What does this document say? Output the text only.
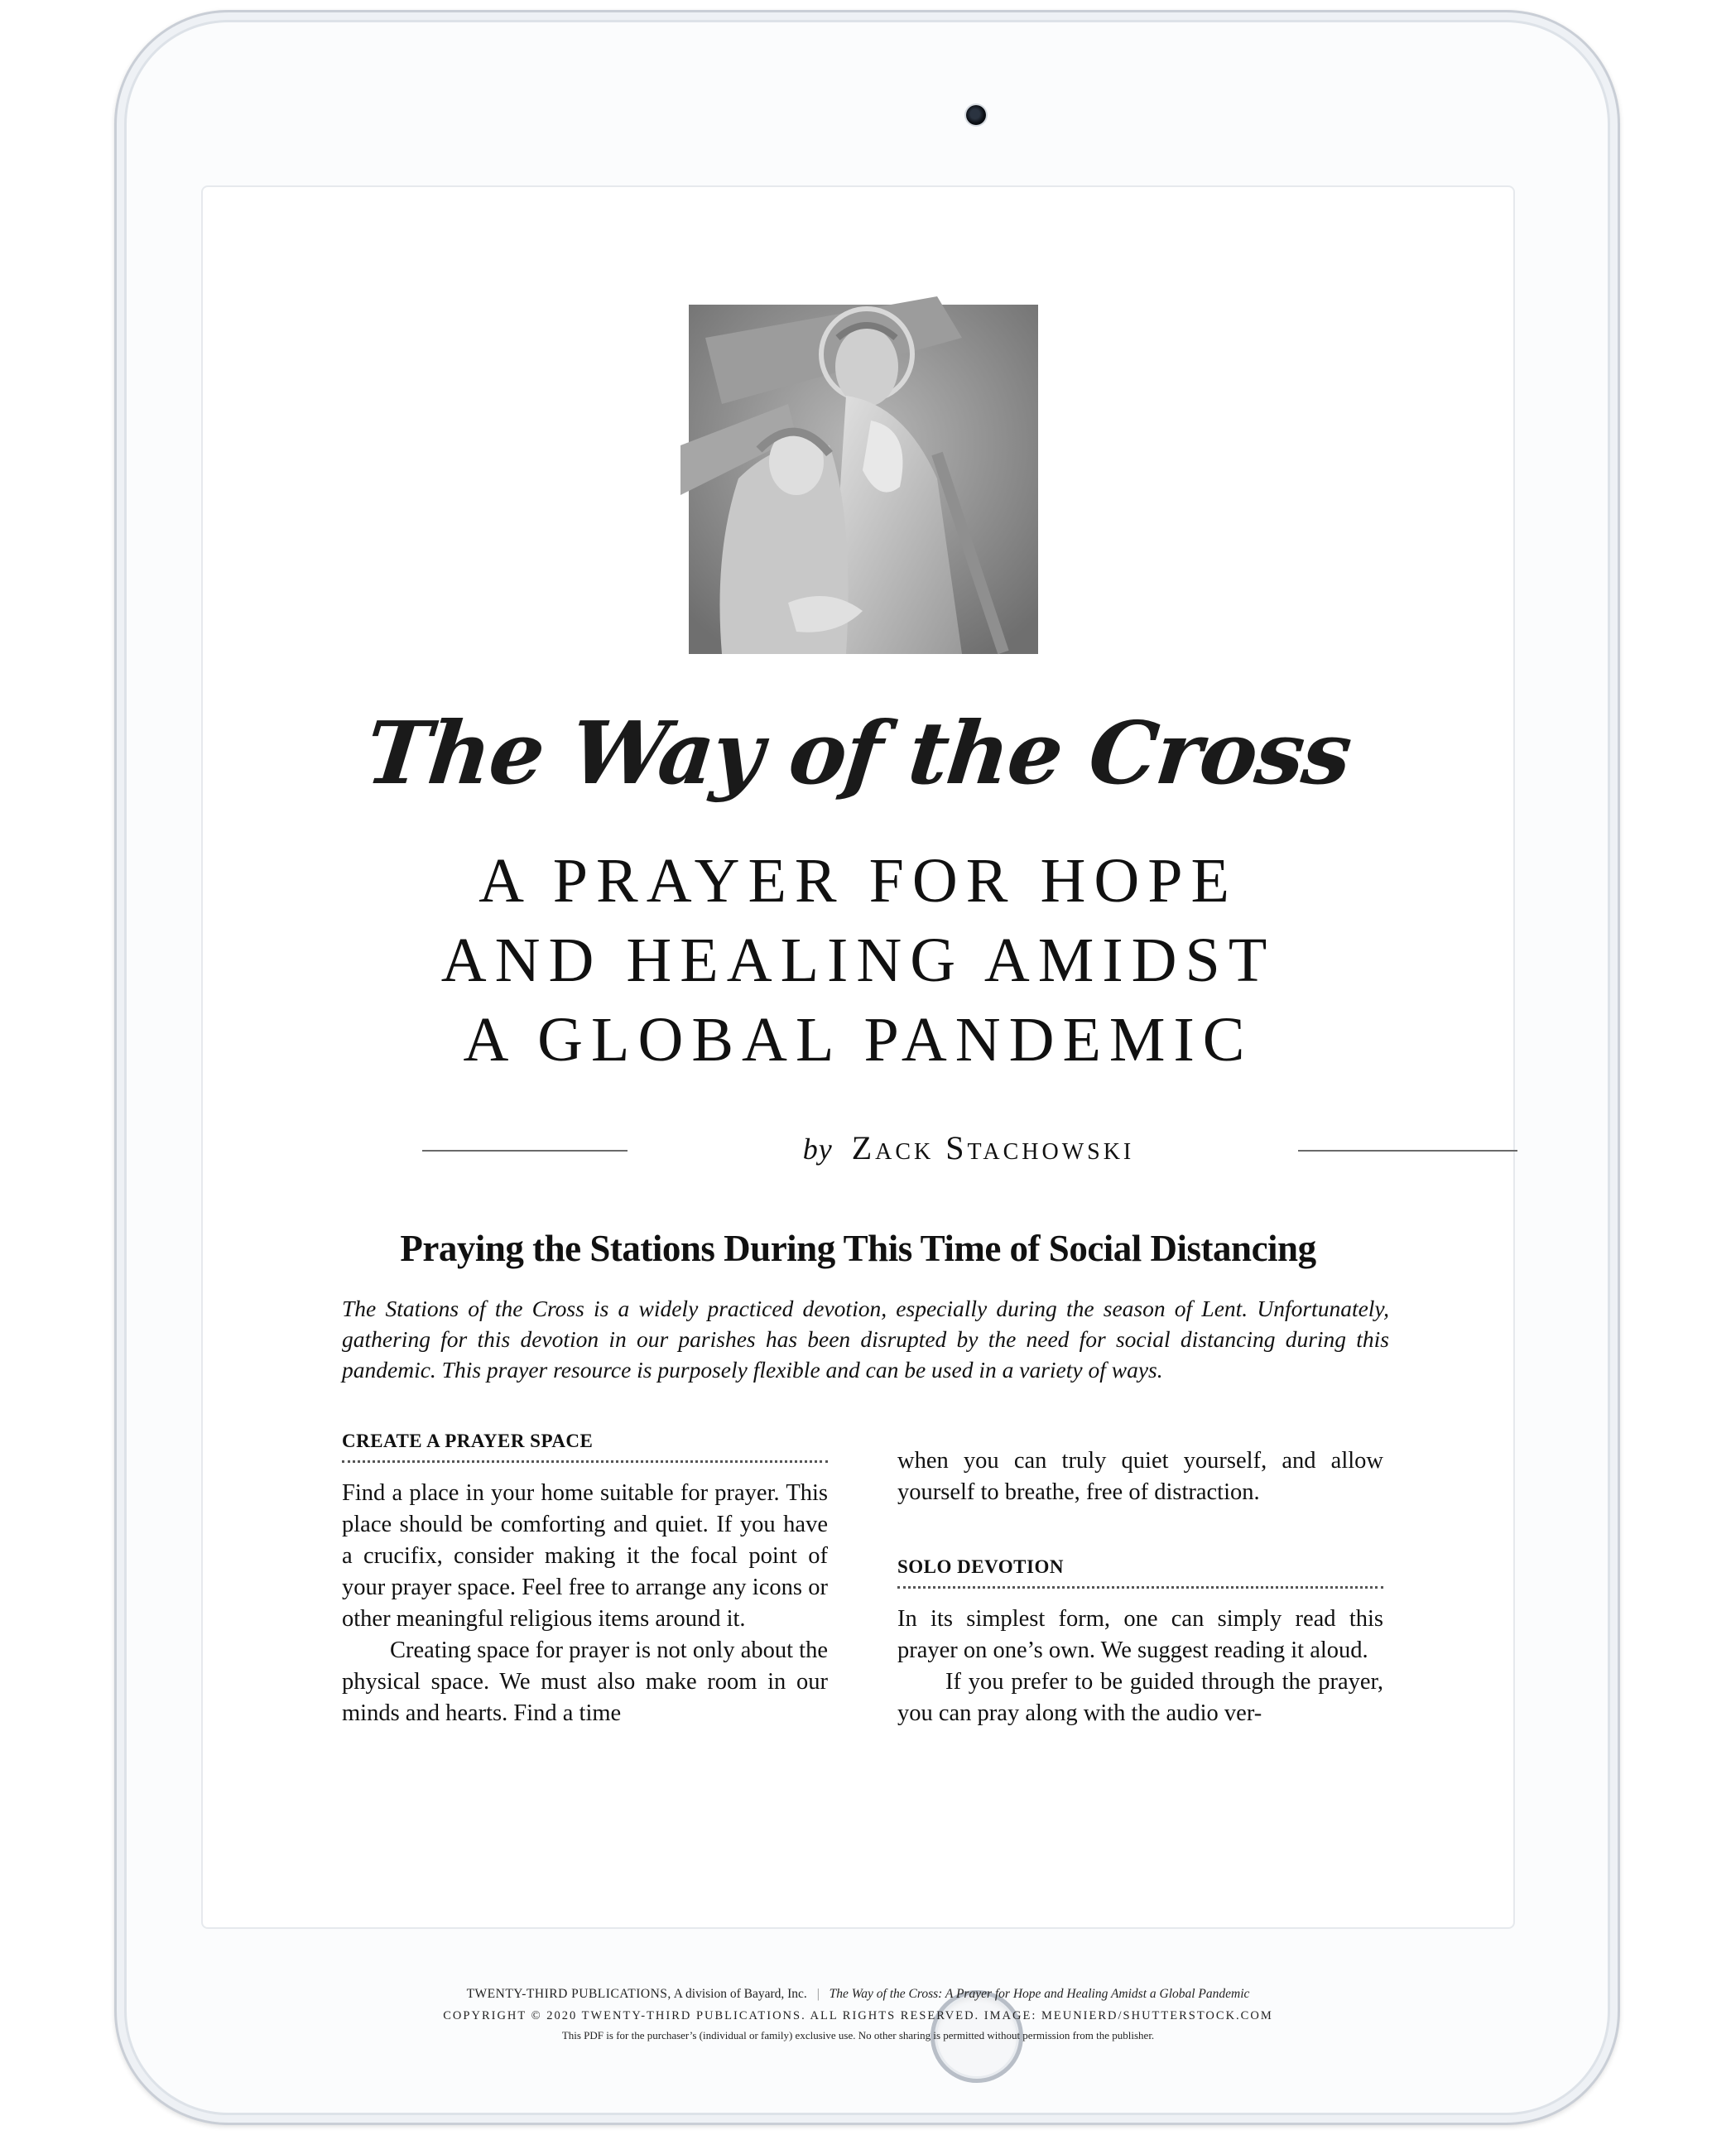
The Way of the Cross
A PRAYER FOR HOPE
AND HEALING AMIDST
A GLOBAL PANDEMIC
by Zack Stachowski
Praying the Stations During This Time of Social Distancing
The Stations of the Cross is a widely practiced devotion, especially during the season of Lent. Unfortunately, gathering for this devotion in our parishes has been disrupted by the need for social distancing during this pandemic. This prayer resource is purposely flexible and can be used in a variety of ways.
CREATE A PRAYER SPACE

Find a place in your home suitable for prayer. This place should be comforting and quiet. If you have a crucifix, consider making it the focal point of your prayer space. Feel free to arrange any icons or other meaningful religious items around it.

Creating space for prayer is not only about the physical space. We must also make room in our minds and hearts. Find a time

when you can truly quiet yourself, and allow yourself to breathe, free of distraction.

SOLO DEVOTION

In its simplest form, one can simply read this prayer on one’s own. We suggest reading it aloud.

If you prefer to be guided through the prayer, you can pray along with the audio ver-

TWENTY-THIRD PUBLICATIONS, A division of Bayard, Inc. | The Way of the Cross: A Prayer for Hope and Healing Amidst a Global Pandemic
COPYRIGHT © 2020 TWENTY-THIRD PUBLICATIONS. ALL RIGHTS RESERVED. IMAGE: MEUNIERD/SHUTTERSTOCK.COM
This PDF is for the purchaser’s (individual or family) exclusive use. No other sharing is permitted without permission from the publisher.
